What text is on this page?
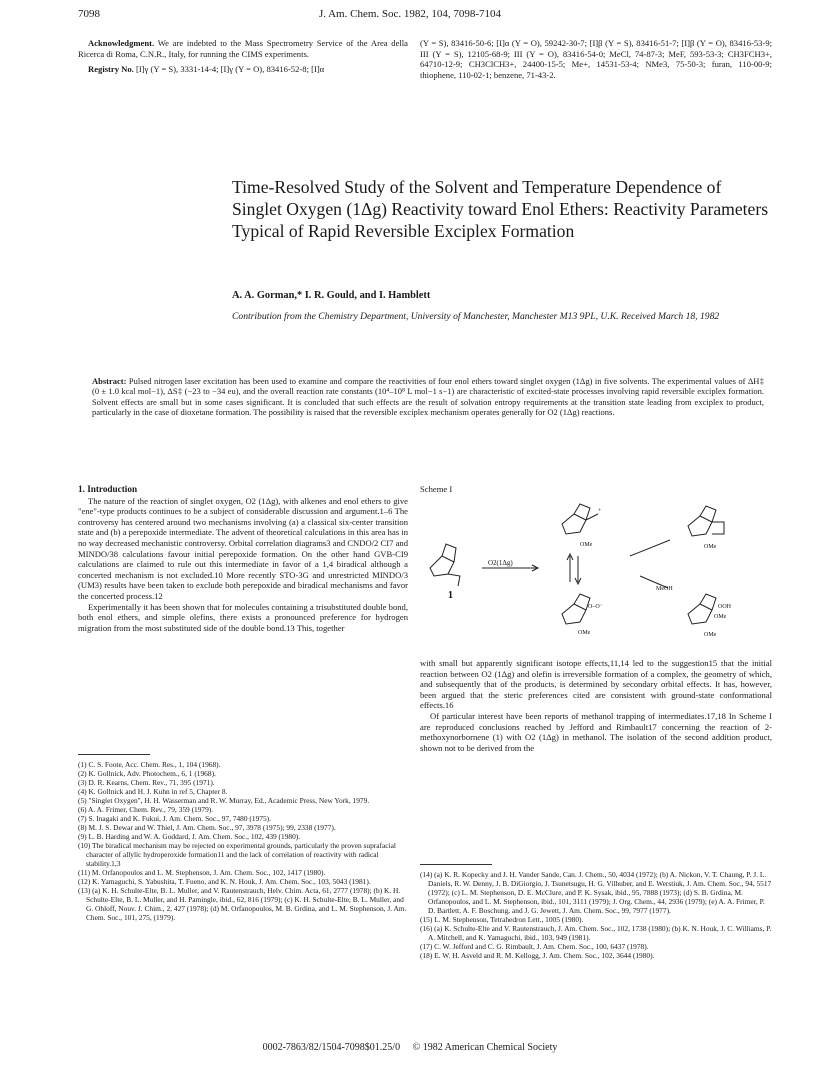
7098	J. Am. Chem. Soc. 1982, 104, 7098-7104

Acknowledgment. We are indebted to the Mass Spectrometry Service of the Area della Ricerca di Roma, C.N.R., Italy, for running the CIMS experiments.

Registry No. [I]γ (Y = S), 3331-14-4; [I]γ (Y = O), 83416-52-8; [I]α

(Y = S), 83416-50-6; [I]α (Y = O), 59242-30-7; [I]β (Y = S), 83416-51-7; [I]β (Y = O), 83416-53-9; III (Y = S), 12105-68-9; III (Y = O), 83416-54-0; MeCl, 74-87-3; MeF, 593-53-3; CH3FCH3+, 64710-12-9; CH3ClCH3+, 24400-15-5; Me+, 14531-53-4; NMe3, 75-50-3; furan, 110-00-9; thiophene, 110-02-1; benzene, 71-43-2.
Time-Resolved Study of the Solvent and Temperature Dependence of Singlet Oxygen (1Δg) Reactivity toward Enol Ethers: Reactivity Parameters Typical of Rapid Reversible Exciplex Formation
A. A. Gorman,* I. R. Gould, and I. Hamblett
Contribution from the Chemistry Department, University of Manchester, Manchester M13 9PL, U.K. Received March 18, 1982
Abstract: Pulsed nitrogen laser excitation has been used to examine and compare the reactivities of four enol ethers toward singlet oxygen (1Δg) in five solvents. The experimental values of ΔH‡ (0 ± 1.0 kcal mol−1), ΔS‡ (−23 to −34 eu), and the overall reaction rate constants (10⁴–10⁸ L mol−1 s−1) are characteristic of excited-state processes involving rapid reversible exciplex formation. Solvent effects are small but in some cases significant. It is concluded that such effects are the result of solvation entropy requirements at the transition state leading from exciplex to product, particularly in the case of dioxetane formation. The possibility is raised that the reversible exciplex mechanism operates generally for O2 (1Δg) reactions.
1. Introduction

The nature of the reaction of singlet oxygen, O2 (1Δg), with alkenes and enol ethers to give "ene"-type products continues to be a subject of considerable discussion and argument.1–6 The controversy has centered around two mechanisms involving (a) a classical six-center transition state and (b) a perepoxide intermediate. The advent of theoretical calculations in this area has in no way decreased mechanistic controversy. Orbital correlation diagrams3 and CNDO/2 CI7 and MINDO/38 calculations favour initial perepoxide formation. On the other hand GVB-CI9 calculations are claimed to rule out this intermediate in favor of a 1,4 biradical although a concerted mechanism is not excluded.10 More recently STO-3G and unrestricted MINDO/3 (UM3) results have been taken to exclude both perepoxide and biradical mechanisms and favor the concerted process.12

Experimentally it has been shown that for molecules containing a trisubstituted double bond, both enol ethers, and simple olefins, there exists a pronounced preference for hydrogen migration from the most substituted side of the double bond.13 This, together

(1) C. S. Foote, Acc. Chem. Res., 1, 104 (1968).
(2) K. Gollnick, Adv. Photochem., 6, 1 (1968).
(3) D. R. Kearns, Chem. Rev., 71, 395 (1971).
(4) K. Gollnick and H. J. Kuhn in ref 5, Chapter 8.
(5) "Singlet Oxygen", H. H. Wasserman and R. W. Murray, Ed., Academic Press, New York, 1979.
(6) A. A. Frimer, Chem. Rev., 79, 359 (1979).
(7) S. Inagaki and K. Fukui, J. Am. Chem. Soc., 97, 7480 (1975).
(8) M. J. S. Dewar and W. Thiel, J. Am. Chem. Soc., 97, 3978 (1975); 99, 2338 (1977).
(9) L. B. Harding and W. A. Goddard, J. Am. Chem. Soc., 102, 439 (1980).
(10) The biradical mechanism may be rejected on experimental grounds, particularly the proven suprafacial character of allylic hydroperoxide formation11 and the lack of correlation of reactivity with radical stability.1,3
(11) M. Orfanopoulos and L. M. Stephenson, J. Am. Chem. Soc., 102, 1417 (1980).
(12) K. Yamaguchi, S. Yabushita, T. Fueno, and K. N. Houk, J. Am. Chem. Soc., 103, 5043 (1981).
(13) (a) K. H. Schulte-Elte, B. L. Muller, and V. Rautenstrauch, Helv. Chim. Acta, 61, 2777 (1978); (b) K. H. Schulte-Elte, B. L. Muller, and H. Pamingle, ibid., 62, 816 (1979); (c) K. H. Schulte-Elte, B. L. Muller, and G. Ohloff, Nouv. J. Chim., 2, 427 (1978); (d) M. Orfanopoulos, M. B. Grdina, and L. M. Stephenson, J. Am. Chem. Soc., 101, 275, (1979).
Scheme I
1
O2(1Δg)
+
OMe	OMe
MeOH
O–O⁻
OMe
OOH
OMe
OMe

with small but apparently significant isotope effects,11,14 led to the suggestion15 that the initial reaction between O2 (1Δg) and olefin is irreversible formation of a complex, the geometry of which, and subsequently that of the products, is determined by secondary orbital effects. It has, however, been argued that the steric preferences cited are consistent with ground-state conformational effects.16

Of particular interest have been reports of methanol trapping of intermediates.17,18 In Scheme I are reproduced conclusions reached by Jefford and Rimbault17 concerning the reaction of 2-methoxynorbornene (1) with O2 (1Δg) in methanol. The isolation of the second addition product, shown not to be derived from the

(14) (a) K. R. Kopecky and J. H. Vander Sande, Can. J. Chem., 50, 4034 (1972); (b) A. Nickon, V. T. Chaung, P. J. L. Daniels, R. W. Denny, J. B. DiGiorgio, J. Tsunetsugu, H. G. Vilhuber, and E. Werstiuk, J. Am. Chem. Soc., 94, 5517 (1972); (c) L. M. Stephenson, D. E. McClure, and P. K. Sysak, ibid., 95, 7888 (1973); (d) S. B. Grdina, M. Orfanopoulos, and L. M. Stephenson, ibid., 101, 3111 (1979); J. Org. Chem., 44, 2936 (1979); (e) A. A. Frimer, P. D. Bartlett, A. F. Boschung, and J. G. Jewett, J. Am. Chem. Soc., 99, 7977 (1977).
(15) L. M. Stephenson, Tetrahedron Lett., 1005 (1980).
(16) (a) K. Schulte-Elte and V. Rautenstrauch, J. Am. Chem. Soc., 102, 1738 (1980); (b) K. N. Houk, J. C. Williams, P. A. Mitchell, and K. Yamaguchi, ibid., 103, 949 (1981).
(17) C. W. Jefford and C. G. Rimbault, J. Am. Chem. Soc., 100, 6437 (1978).
(18) E. W. H. Asveld and R. M. Kellogg, J. Am. Chem. Soc., 102, 3644 (1980).
0002-7863/82/1504-7098$01.25/0 © 1982 American Chemical Society
